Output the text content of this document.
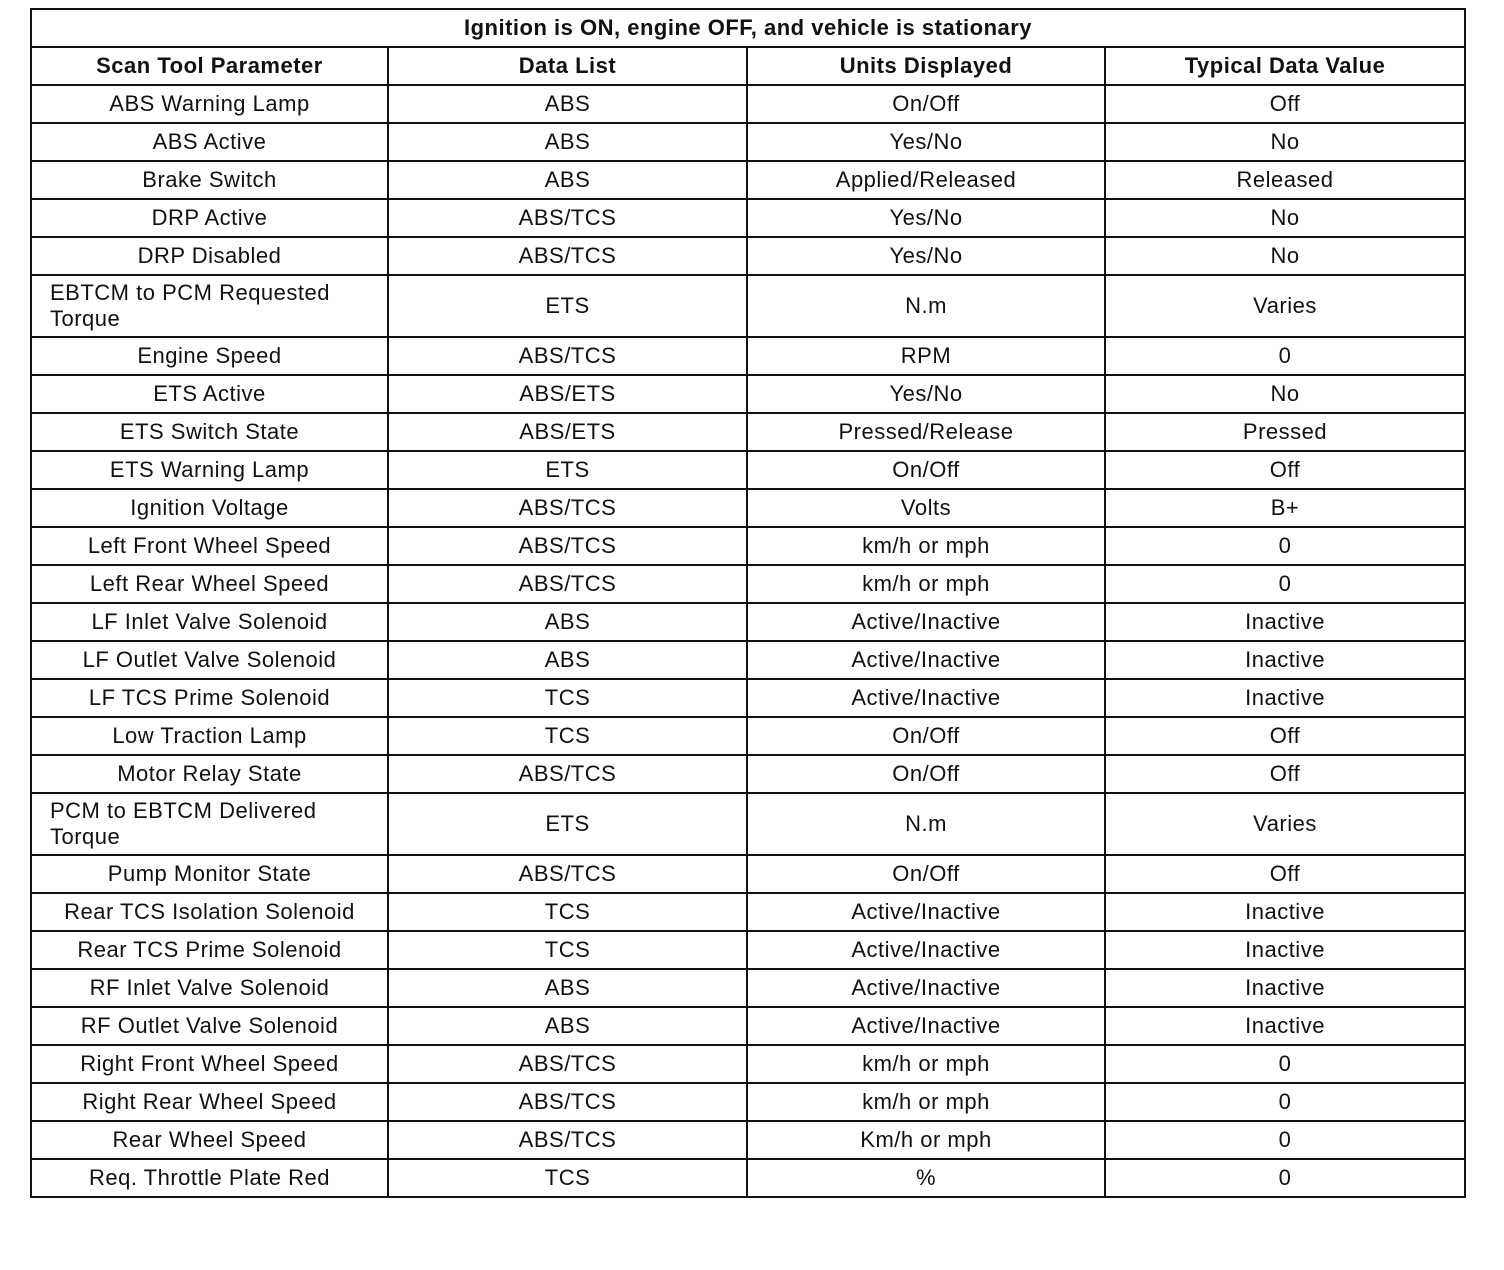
Ignition is ON, engine OFF, and vehicle is stationary			
Scan Tool Parameter	Data List	Units Displayed	Typical Data Value
ABS Warning Lamp	ABS	On/Off	Off
ABS Active	ABS	Yes/No	No
Brake Switch	ABS	Applied/Released	Released
DRP Active	ABS/TCS	Yes/No	No
DRP Disabled	ABS/TCS	Yes/No	No
EBTCM to PCM Requested Torque	ETS	N.m	Varies
Engine Speed	ABS/TCS	RPM	0
ETS Active	ABS/ETS	Yes/No	No
ETS Switch State	ABS/ETS	Pressed/Release	Pressed
ETS Warning Lamp	ETS	On/Off	Off
Ignition Voltage	ABS/TCS	Volts	B+
Left Front Wheel Speed	ABS/TCS	km/h or mph	0
Left Rear Wheel Speed	ABS/TCS	km/h or mph	0
LF Inlet Valve Solenoid	ABS	Active/Inactive	Inactive
LF Outlet Valve Solenoid	ABS	Active/Inactive	Inactive
LF TCS Prime Solenoid	TCS	Active/Inactive	Inactive
Low Traction Lamp	TCS	On/Off	Off
Motor Relay State	ABS/TCS	On/Off	Off
PCM to EBTCM Delivered Torque	ETS	N.m	Varies
Pump Monitor State	ABS/TCS	On/Off	Off
Rear TCS Isolation Solenoid	TCS	Active/Inactive	Inactive
Rear TCS Prime Solenoid	TCS	Active/Inactive	Inactive
RF Inlet Valve Solenoid	ABS	Active/Inactive	Inactive
RF Outlet Valve Solenoid	ABS	Active/Inactive	Inactive
Right Front Wheel Speed	ABS/TCS	km/h or mph	0
Right Rear Wheel Speed	ABS/TCS	km/h or mph	0
Rear Wheel Speed	ABS/TCS	Km/h or mph	0
Req. Throttle Plate Red	TCS	%	0
